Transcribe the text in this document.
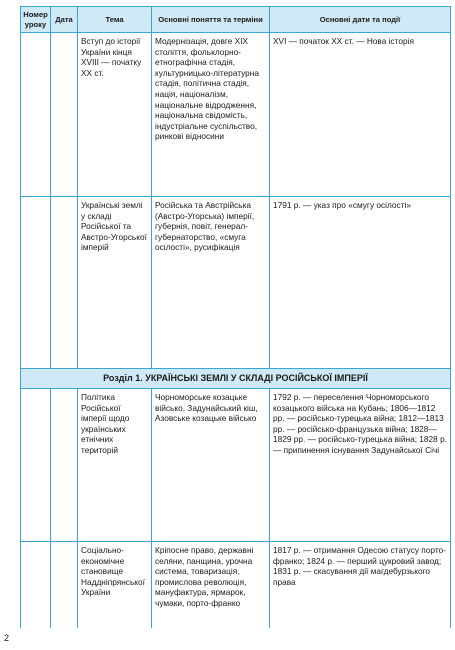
Номер уроку	Дата	Тема	Основні поняття та терміни	Основні дати та події
		Вступ до історії України кінця XVIII — початку XX ст.	Модернізація, довге XIX століття, фольклорно-етнографічна стадія, культурницько-літературна стадія, політична стадія, нація, націоналізм, національне відродження, національна свідомість, індустріальне суспільство, ринкові відносини	XVI — початок XX ст. — Нова історія
		Українські землі у складі Російської та Австро-Угорської імперій	Російська та Австрійська (Австро-Угорська) імперії, губернія, повіт, генерал-губернаторство, «смуга осілості», русифікація	1791 р. — указ про «смугу осілості»
Розділ 1. УКРАЇНСЬКІ ЗЕМЛІ У СКЛАДІ РОСІЙСЬКОЇ ІМПЕРІЇ				
		Політика Російської імперії щодо українських етнічних територій	Чорноморське козацьке військо, Задунайський кіш, Азовське козацьке військо	1792 р. — переселення Чорноморського козацького війська на Кубань; 1806—1812 рр. — російсько-турецька війна; 1812—1813 рр. — російсько-французька війна; 1828—1829 рр. — російсько-турецька війна; 1828 р. — припинення існування Задунайської Січі
		Соціально-економічне становище Наддніпрянської України	Кріпосне право, державні селяни, панщина, урочна система, товаризація, промислова революція, мануфактура, ярмарок, чумаки, порто-франко	1817 р. — отримання Одесою статусу порто-франко; 1824 р. — перший цукровий завод; 1831 р. — скасування дії магдебурзького права
2
